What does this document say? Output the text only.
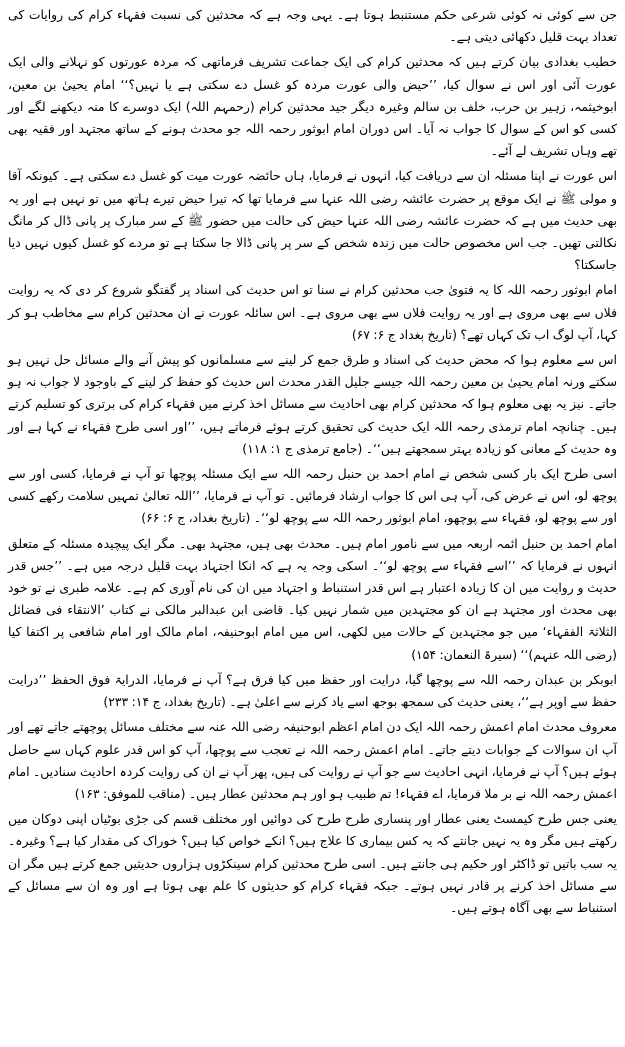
جن سے کوئی نہ کوئی شرعی حکم مستنبط ہوتا ہے۔ یہی وجہ ہے کہ محدثین کی نسبت فقہاء کرام کی روایات کی تعداد بہت قلیل دکھائی دیتی ہے۔

خطیب بغدادی بیان کرتے ہیں کہ محدثین کرام کی ایک جماعت تشریف فرماتھی کہ مردہ عورتوں کو نہلانے والی ایک عورت آئی اور اس نے سوال کیا، ’’حیض والی عورت مردہ کو غسل دے سکتی ہے یا نہیں؟‘‘ امام یحییٰ بن معین، ابوخیثمہ، زہیر بن حرب، خلف بن سالم وغیرہ دیگر جید محدثین کرام (رحمہم اللہ) ایک دوسرے کا منہ دیکھنے لگے اور کسی کو اس کے سوال کا جواب نہ آیا۔ اس دوران امام ابوثور رحمہ اللہ جو محدث ہونے کے ساتھ مجتہد اور فقیہ بھی تھے وہاں تشریف لے آئے۔

اس عورت نے اپنا مسئلہ ان سے دریافت کیا، انہوں نے فرمایا، ہاں حائضہ عورت میت کو غسل دے سکتی ہے۔ کیونکہ آقا و مولی ﷺ نے ایک موقع پر حضرت عائشہ رضی اللہ عنہا سے فرمایا تھا کہ تیرا حیض تیرے ہاتھ میں تو نہیں ہے اور یہ بھی حدیث میں ہے کہ حضرت عائشہ رضی اللہ عنہا حیض کی حالت میں حضور ﷺ کے سر مبارک پر پانی ڈال کر مانگ نکالتی تھیں۔ جب اس مخصوص حالت میں زندہ شخص کے سر پر پانی ڈالا جا سکتا ہے تو مردے کو غسل کیوں نہیں دیا جاسکتا؟

امام ابوثور رحمہ اللہ کا یہ فتویٰ جب محدثین کرام نے سنا تو اس حدیث کی اسناد پر گفتگو شروع کر دی کہ یہ روایت فلاں سے بھی مروی ہے اور یہ روایت فلاں سے بھی مروی ہے۔ اس سائلہ عورت نے ان محدثین کرام سے مخاطب ہو کر کہا، آپ لوگ اب تک کہاں تھے؟ (تاریخ بغداد ج ۶: ۶۷)

اس سے معلوم ہوا کہ محض حدیث کی اسناد و طرق جمع کر لینے سے مسلمانوں کو پیش آنے والے مسائل حل نہیں ہو سکتے ورنہ امام یحییٰ بن معین رحمہ اللہ جیسے جلیل القدر محدث اس حدیث کو حفظ کر لینے کے باوجود لا جواب نہ ہو جاتے۔ نیز یہ بھی معلوم ہوا کہ محدثین کرام بھی احادیث سے مسائل اخذ کرنے میں فقہاء کرام کی برتری کو تسلیم کرتے ہیں۔ چنانچہ امام ترمذی رحمہ اللہ ایک حدیث کی تحقیق کرتے ہوئے فرماتے ہیں، ’’اور اسی طرح فقہاء نے کہا ہے اور وہ حدیث کے معانی کو زیادہ بہتر سمجھتے ہیں‘‘۔ (جامع ترمذی ج ۱: ۱۱۸)

اسی طرح ایک بار کسی شخص نے امام احمد بن حنبل رحمہ اللہ سے ایک مسئلہ پوچھا تو آپ نے فرمایا، کسی اور سے پوچھ لو، اس نے عرض کی، آپ ہی اس کا جواب ارشاد فرمائیں۔ تو آپ نے فرمایا، ’’اللہ تعالیٰ تمہیں سلامت رکھے کسی اور سے پوچھ لو، فقہاء سے پوچھو، امام ابوثور رحمہ اللہ سے پوچھ لو‘‘۔ (تاریخ بغداد، ج ۶: ۶۶)

امام احمد بن حنبل ائمہ اربعہ میں سے نامور امام ہیں۔ محدث بھی ہیں، مجتہد بھی۔ مگر ایک پیچیدہ مسئلہ کے متعلق انہوں نے فرمایا کہ ’’اسے فقہاء سے پوچھ لو‘‘۔ اسکی وجہ یہ ہے کہ انکا اجتہاد بہت قلیل درجہ میں ہے۔ ’’جس قدر حدیث و روایت میں ان کا زیادہ اعتبار ہے اس قدر استنباط و اجتہاد میں ان کی نام آوری کم ہے۔ علامہ طبری نے تو خود بھی محدث اور مجتہد ہے ان کو مجتہدین میں شمار نہیں کیا۔ قاضی ابن عبدالبر مالکی نے کتاب ’الانتقاء فی فضائل الثلاثۃ الفقہاء‘ میں جو مجتہدین کے حالات میں لکھی، اس میں امام ابوحنیفہ، امام مالک اور امام شافعی پر اکتفا کیا (رضی اللہ عنہم)‘‘ (سیرۃ النعمان: ۱۵۴)

ابوبکر بن عبدان رحمہ اللہ سے پوچھا گیا، درایت اور حفظ میں کیا فرق ہے؟ آپ نے فرمایا، الدرایۃ فوق الحفظ ’’درایت حفظ سے اوپر ہے‘‘، یعنی حدیث کی سمجھ بوجھ اسے یاد کرنے سے اعلیٰ ہے۔ (تاریخ بغداد، ج ۱۴: ۲۳۳)

معروف محدث امام اعمش رحمہ اللہ ایک دن امام اعظم ابوحنیفہ رضی اللہ عنہ سے مختلف مسائل پوچھتے جاتے تھے اور آپ ان سوالات کے جوابات دیتے جاتے۔ امام اعمش رحمہ اللہ نے تعجب سے پوچھا، آپ کو اس قدر علوم کہاں سے حاصل ہوئے ہیں؟ آپ نے فرمایا، انہی احادیث سے جو آپ نے روایت کی ہیں، پھر آپ نے ان کی روایت کردہ احادیث سنادیں۔ امام اعمش رحمہ اللہ نے بر ملا فرمایا، اے فقہاء! تم طبیب ہو اور ہم محدثین عطار ہیں۔ (مناقب للموفق: ۱۶۳)

یعنی جس طرح کیمسٹ یعنی عطار اور پنساری طرح طرح کی دوائیں اور مختلف قسم کی جڑی بوٹیاں اپنی دوکان میں رکھتے ہیں مگر وہ یہ نہیں جانتے کہ یہ کس بیماری کا علاج ہیں؟ انکے خواص کیا ہیں؟ خوراک کی مقدار کیا ہے؟ وغیرہ۔ یہ سب باتیں تو ڈاکٹر اور حکیم ہی جانتے ہیں۔ اسی طرح محدثین کرام سینکڑوں ہزاروں حدیثیں جمع کرتے ہیں مگر ان سے مسائل اخذ کرنے پر قادر نہیں ہوتے۔ جبکہ فقہاء کرام کو حدیثوں کا علم بھی ہوتا ہے اور وہ ان سے مسائل کے استنباط سے بھی آگاہ ہوتے ہیں۔
